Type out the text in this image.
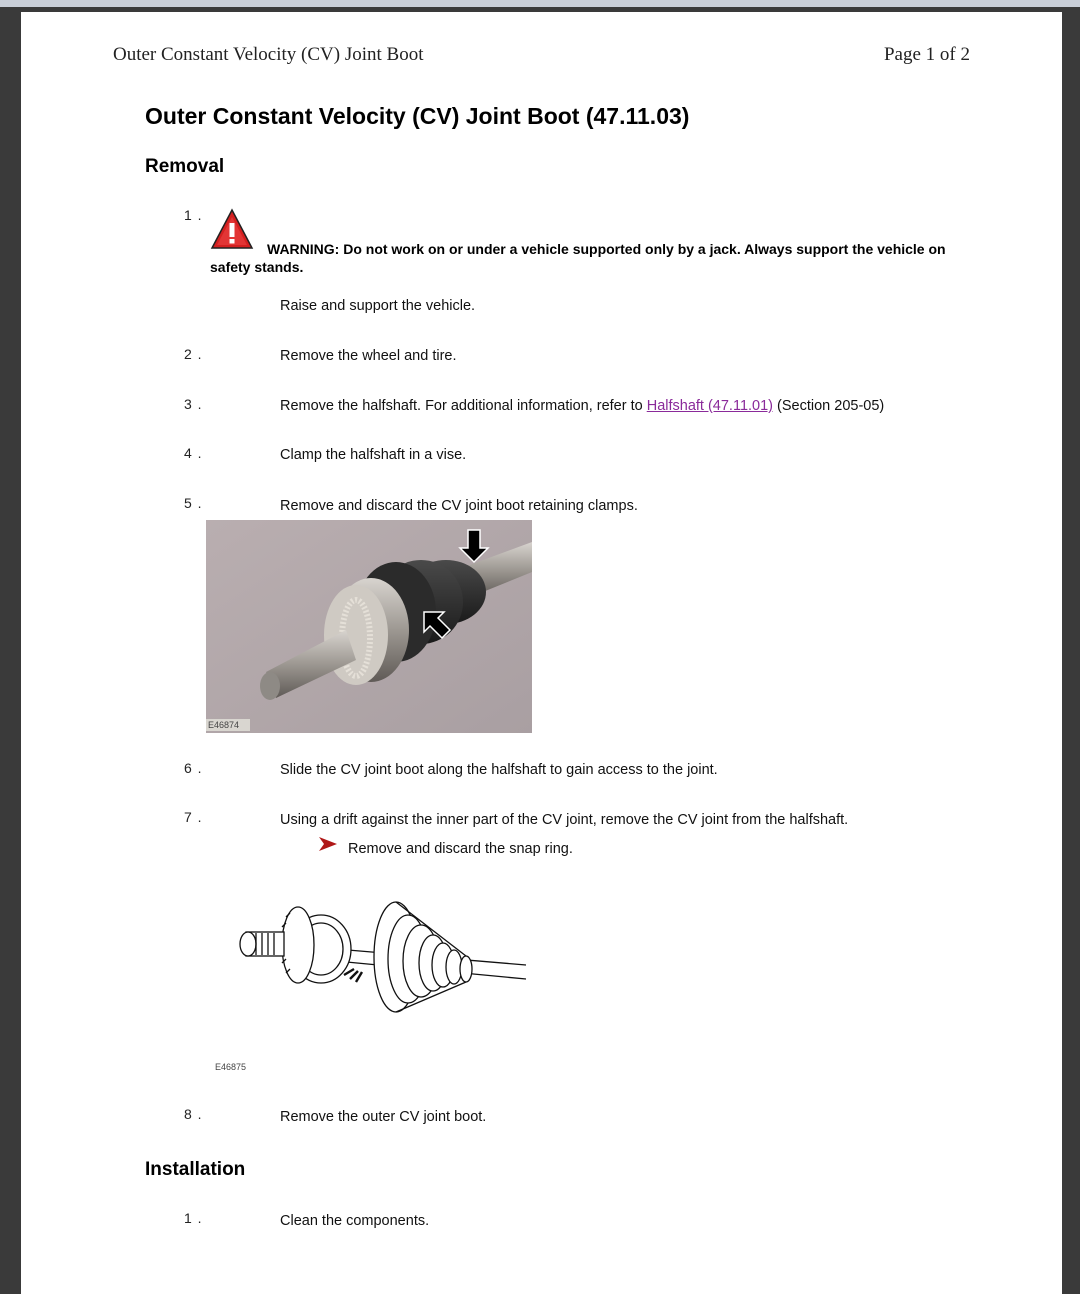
Outer Constant Velocity (CV) Joint Boot	Page 1 of 2
Outer Constant Velocity (CV) Joint Boot (47.11.03)
Removal
1 .
WARNING: Do not work on or under a vehicle supported only by a jack. Always support the vehicle on safety stands.
Raise and support the vehicle.
2 .	Remove the wheel and tire.
3 .	Remove the halfshaft. For additional information, refer to Halfshaft (47.11.01) (Section 205-05)
4 .	Clamp the halfshaft in a vise.
5 .	Remove and discard the CV joint boot retaining clamps.
E46874
6 .	Slide the CV joint boot along the halfshaft to gain access to the joint.
7 .	Using a drift against the inner part of the CV joint, remove the CV joint from the halfshaft.
Remove and discard the snap ring.
E46875
8 .	Remove the outer CV joint boot.
Installation
1 .	Clean the components.
